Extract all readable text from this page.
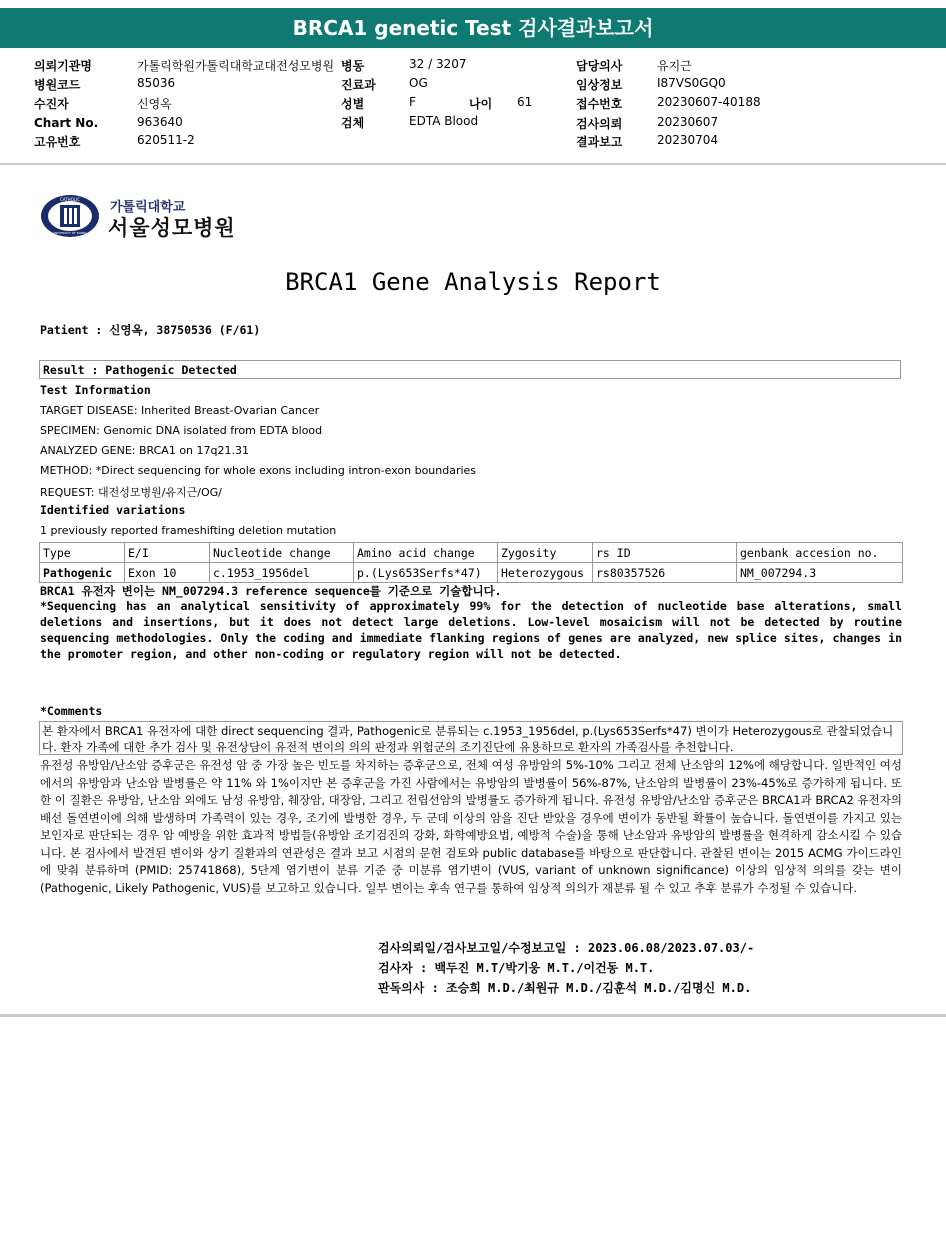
BRCA1 genetic Test 검사결과보고서
의뢰기관명	가톨릭학원가톨릭대학교대전성모병원 병동	32 / 3207	담당의사	유지근
병원코드	85036	진료과	OG	임상정보	I87VS0GQ0
수진자	신영옥	성별	F	나이 61	접수번호	20230607-40188
Chart No.	963640	검체	EDTA Blood	검사의뢰	20230607
고유번호	620511-2	결과보고	20230704
CATHOLIC
UNIVERSITY OF KOREA
가톨릭대학교
서울성모병원
BRCA1 Gene Analysis Report
Patient : 신영옥, 38750536 (F/61)
Result : Pathogenic Detected
Test Information
TARGET DISEASE: Inherited Breast-Ovarian Cancer
SPECIMEN: Genomic DNA isolated from EDTA blood
ANALYZED GENE: BRCA1 on 17q21.31
METHOD: *Direct sequencing for whole exons including intron-exon boundaries
REQUEST: 대전성모병원/유지근/OG/
Identified variations
1 previously reported frameshifting deletion mutation
Type	E/I	Nucleotide change	Amino acid change	Zygosity	rs ID	genbank accesion no.
Pathogenic	Exon 10	c.1953_1956del	p.(Lys653Serfs*47)	Heterozygous	rs80357526	NM_007294.3
BRCA1 유전자 변이는 NM_007294.3 reference sequence를 기준으로 기술합니다.
*Sequencing has an analytical sensitivity of approximately 99% for the detection of nucleotide base alterations, small deletions and insertions, but it does not detect large deletions. Low-level mosaicism will not be detected by routine sequencing methodologies. Only the coding and immediate flanking regions of genes are analyzed, new splice sites, changes in the promoter region, and other non-coding or regulatory region will not be detected.
*Comments
본 환자에서 BRCA1 유전자에 대한 direct sequencing 결과, Pathogenic로 분류되는 c.1953_1956del, p.(Lys653Serfs*47) 변이가 Heterozygous로 관찰되었습니다. 환자 가족에 대한 추가 검사 및 유전상담이 유전적 변이의 의의 판정과 위험군의 조기진단에 유용하므로 환자의 가족검사를 추천합니다.
유전성 유방암/난소암 증후군은 유전성 암 중 가장 높은 빈도를 차지하는 증후군으로, 전체 여성 유방암의 5%-10% 그리고 전체 난소암의 12%에 해당합니다. 일반적인 여성에서의 유방암과 난소암 발병률은 약 11% 와 1%이지만 본 증후군을 가진 사람에서는 유방암의 발병률이 56%-87%, 난소암의 발병률이 23%-45%로 증가하게 됩니다. 또한 이 질환은 유방암, 난소암 외에도 남성 유방암, 췌장암, 대장암, 그리고 전립선암의 발병률도 증가하게 됩니다. 유전성 유방암/난소암 증후군은 BRCA1과 BRCA2 유전자의 배선 돌연변이에 의해 발생하며 가족력이 있는 경우, 조기에 발병한 경우, 두 군데 이상의 암을 진단 받았을 경우에 변이가 동반될 확률이 높습니다. 돌연변이를 가지고 있는 보인자로 판단되는 경우 암 예방을 위한 효과적 방법들(유방암 조기검진의 강화, 화학예방요법, 예방적 수술)을 통해 난소암과 유방암의 발병률을 현격하게 감소시킬 수 있습니다. 본 검사에서 발견된 변이와 상기 질환과의 연관성은 결과 보고 시점의 문헌 검토와 public database를 바탕으로 판단합니다. 관찰된 변이는 2015 ACMG 가이드라인에 맞춰 분류하며 (PMID: 25741868), 5단계 염기변이 분류 기준 중 미분류 염기변이 (VUS, variant of unknown significance) 이상의 임상적 의의를 갖는 변이 (Pathogenic, Likely Pathogenic, VUS)를 보고하고 있습니다. 일부 변이는 후속 연구를 통하여 임상적 의의가 재분류 될 수 있고 추후 분류가 수정될 수 있습니다.
검사의뢰일/검사보고일/수정보고일 : 2023.06.08/2023.07.03/-
검사자 : 백두진 M.T/박기웅 M.T./이건동 M.T.
판독의사 : 조승희 M.D./최원규 M.D./김훈석 M.D./김명신 M.D.
